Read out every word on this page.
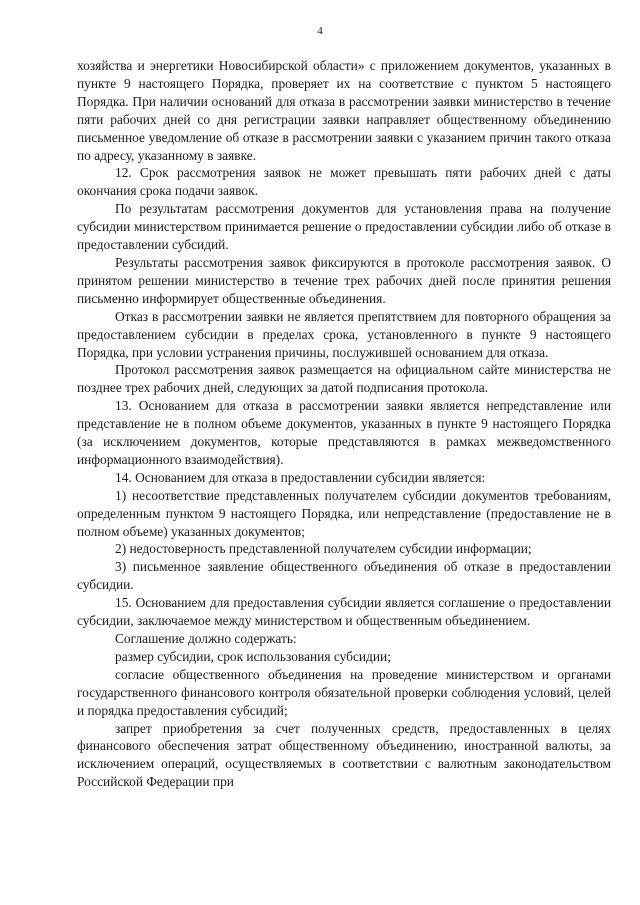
4

хозяйства и энергетики Новосибирской области» с приложением документов, указанных в пункте 9 настоящего Порядка, проверяет их на соответствие с пунктом 5 настоящего Порядка. При наличии оснований для отказа в рассмотрении заявки министерство в течение пяти рабочих дней со дня регистрации заявки направляет общественному объединению письменное уведомление об отказе в рассмотрении заявки с указанием причин такого отказа по адресу, указанному в заявке.

12. Срок рассмотрения заявок не может превышать пяти рабочих дней с даты окончания срока подачи заявок.

По результатам рассмотрения документов для установления права на получение субсидии министерством принимается решение о предоставлении субсидии либо об отказе в предоставлении субсидий.

Результаты рассмотрения заявок фиксируются в протоколе рассмотрения заявок. О принятом решении министерство в течение трех рабочих дней после принятия решения письменно информирует общественные объединения.

Отказ в рассмотрении заявки не является препятствием для повторного обращения за предоставлением субсидии в пределах срока, установленного в пункте 9 настоящего Порядка, при условии устранения причины, послужившей основанием для отказа.

Протокол рассмотрения заявок размещается на официальном сайте министерства не позднее трех рабочих дней, следующих за датой подписания протокола.

13. Основанием для отказа в рассмотрении заявки является непредставление или представление не в полном объеме документов, указанных в пункте 9 настоящего Порядка (за исключением документов, которые представляются в рамках межведомственного информационного взаимодействия).

14. Основанием для отказа в предоставлении субсидии является:

1) несоответствие представленных получателем субсидии документов требованиям, определенным пунктом 9 настоящего Порядка, или непредставление (предоставление не в полном объеме) указанных документов;

2) недостоверность представленной получателем субсидии информации;

3) письменное заявление общественного объединения об отказе в предоставлении субсидии.

15. Основанием для предоставления субсидии является соглашение о предоставлении субсидии, заключаемое между министерством и общественным объединением.

Соглашение должно содержать:

размер субсидии, срок использования субсидии;

согласие общественного объединения на проведение министерством и органами государственного финансового контроля обязательной проверки соблюдения условий, целей и порядка предоставления субсидий;

запрет приобретения за счет полученных средств, предоставленных в целях финансового обеспечения затрат общественному объединению, иностранной валюты, за исключением операций, осуществляемых в соответствии с валютным законодательством Российской Федерации при
